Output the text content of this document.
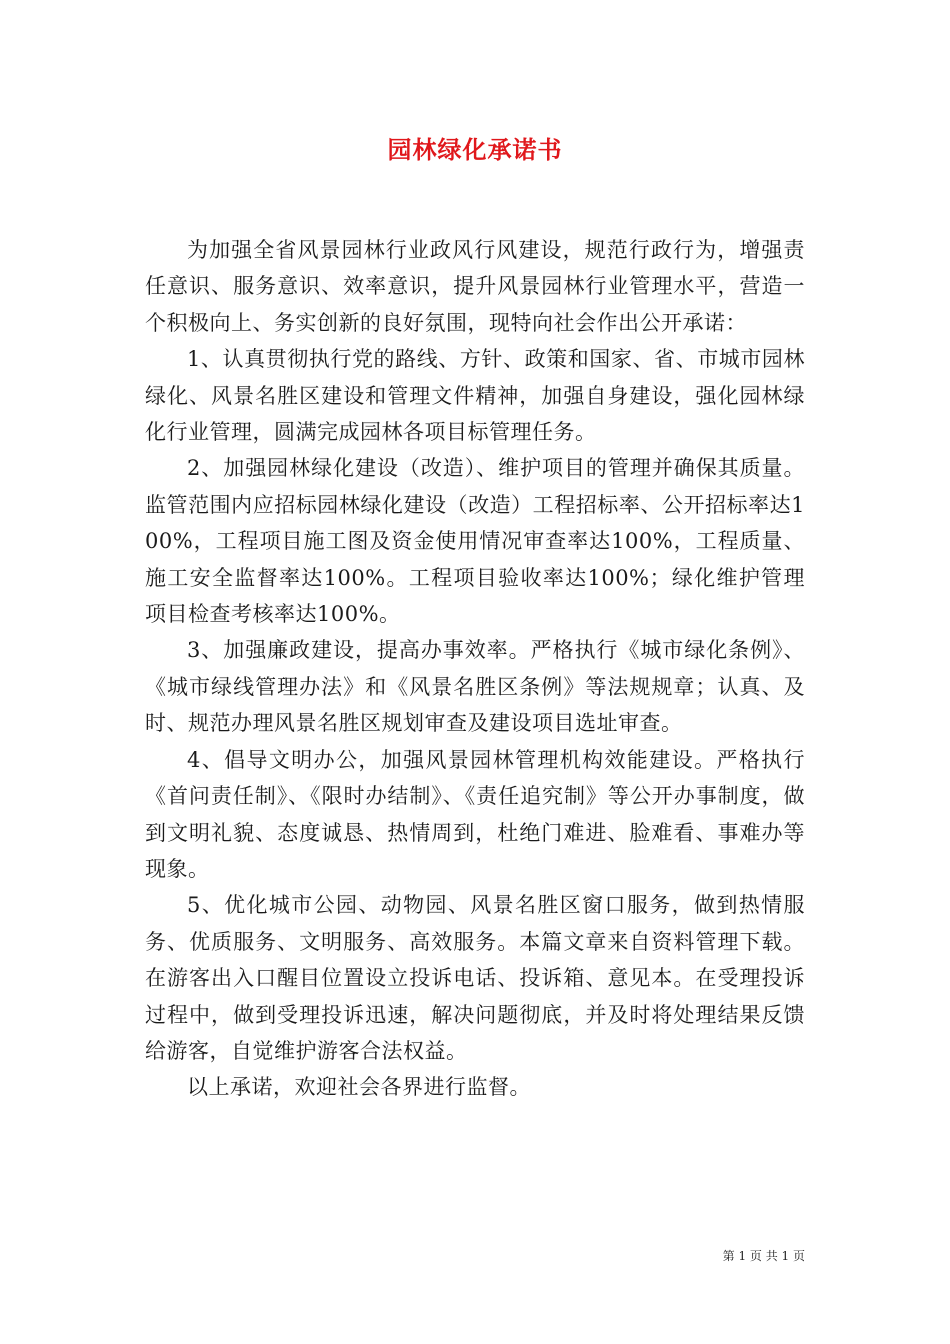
园林绿化承诺书

为加强全省风景园林行业政风行风建设，规范行政行为，增强责任意识、服务意识、效率意识，提升风景园林行业管理水平，营造一个积极向上、务实创新的良好氛围，现特向社会作出公开承诺：

1、认真贯彻执行党的路线、方针、政策和国家、省、市城市园林绿化、风景名胜区建设和管理文件精神，加强自身建设，强化园林绿化行业管理，圆满完成园林各项目标管理任务。

2、加强园林绿化建设（改造）、维护项目的管理并确保其质量。监管范围内应招标园林绿化建设（改造）工程招标率、公开招标率达100%，工程项目施工图及资金使用情况审查率达100%，工程质量、施工安全监督率达100%。工程项目验收率达100%；绿化维护管理项目检查考核率达100%。

3、加强廉政建设，提高办事效率。严格执行《城市绿化条例》、《城市绿线管理办法》和《风景名胜区条例》等法规规章；认真、及时、规范办理风景名胜区规划审查及建设项目选址审查。

4、倡导文明办公，加强风景园林管理机构效能建设。严格执行《首问责任制》、《限时办结制》、《责任追究制》等公开办事制度，做到文明礼貌、态度诚恳、热情周到，杜绝门难进、脸难看、事难办等现象。

5、优化城市公园、动物园、风景名胜区窗口服务，做到热情服务、优质服务、文明服务、高效服务。本篇文章来自资料管理下载。在游客出入口醒目位置设立投诉电话、投诉箱、意见本。在受理投诉过程中，做到受理投诉迅速，解决问题彻底，并及时将处理结果反馈给游客，自觉维护游客合法权益。

以上承诺，欢迎社会各界进行监督。

第 1 页 共 1 页
